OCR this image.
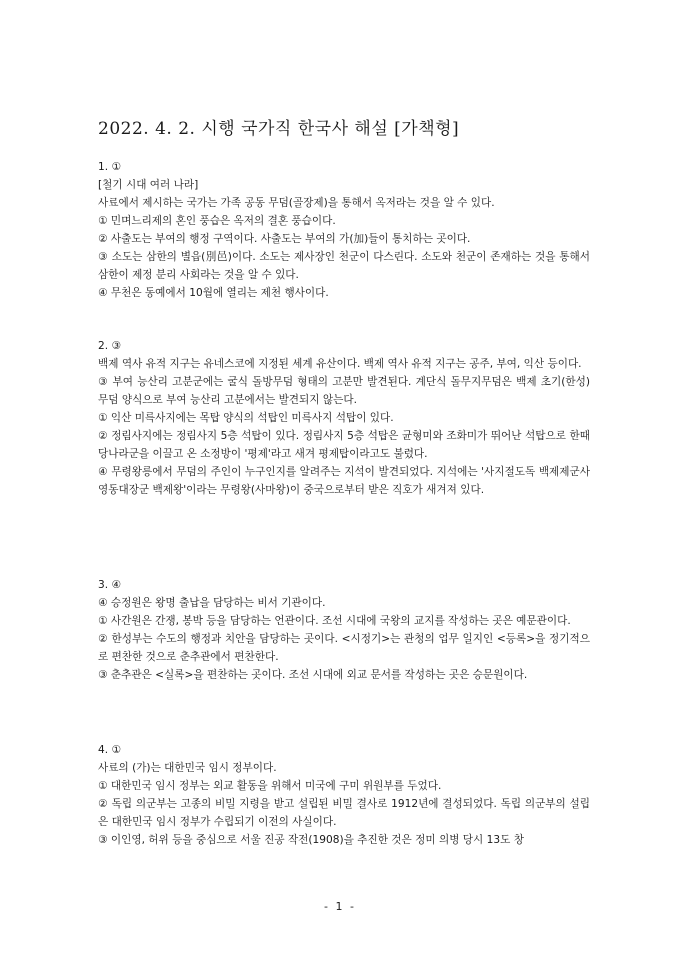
2022. 4. 2. 시행 국가직 한국사 해설 [가책형]

1. ①

[철기 시대 여러 나라]

사료에서 제시하는 국가는 가족 공동 무덤(골장제)을 통해서 옥저라는 것을 알 수 있다.

① 민며느리제의 혼인 풍습은 옥저의 결혼 풍습이다.

② 사출도는 부여의 행정 구역이다. 사출도는 부여의 가(加)들이 통치하는 곳이다.

③ 소도는 삼한의 별읍(別邑)이다. 소도는 제사장인 천군이 다스린다. 소도와 천군이 존재하는 것을 통해서 삼한이 제정 분리 사회라는 것을 알 수 있다.

④ 무천은 동예에서 10월에 열리는 제천 행사이다.

2. ③

백제 역사 유적 지구는 유네스코에 지정된 세계 유산이다. 백제 역사 유적 지구는 공주, 부여, 익산 등이다.

③ 부여 능산리 고분군에는 굴식 돌방무덤 형태의 고분만 발견된다. 계단식 돌무지무덤은 백제 초기(한성) 무덤 양식으로 부여 능산리 고분에서는 발견되지 않는다.

① 익산 미륵사지에는 목탑 양식의 석탑인 미륵사지 석탑이 있다.

② 정림사지에는 정림사지 5층 석탑이 있다. 정림사지 5층 석탑은 균형미와 조화미가 뛰어난 석탑으로 한때 당나라군을 이끌고 온 소정방이 '평제'라고 새겨 평제탑이라고도 불렸다.

④ 무령왕릉에서 무덤의 주인이 누구인지를 알려주는 지석이 발견되었다. 지석에는 '사지절도독 백제제군사 영동대장군 백제왕'이라는 무령왕(사마왕)이 중국으로부터 받은 직호가 새겨져 있다.

3. ④

④ 승정원은 왕명 출납을 담당하는 비서 기관이다.

① 사간원은 간쟁, 봉박 등을 담당하는 언관이다. 조선 시대에 국왕의 교지를 작성하는 곳은 예문관이다.

② 한성부는 수도의 행정과 치안을 담당하는 곳이다. <시정기>는 관청의 업무 일지인 <등록>을 정기적으로 편찬한 것으로 춘추관에서 편찬한다.

③ 춘추관은 <실록>을 편찬하는 곳이다. 조선 시대에 외교 문서를 작성하는 곳은 승문원이다.

4. ①

사료의 (가)는 대한민국 임시 정부이다.

① 대한민국 임시 정부는 외교 활동을 위해서 미국에 구미 위원부를 두었다.

② 독립 의군부는 고종의 비밀 지령을 받고 설립된 비밀 결사로 1912년에 결성되었다. 독립 의군부의 설립은 대한민국 임시 정부가 수립되기 이전의 사실이다.

③ 이인영, 허위 등을 중심으로 서울 진공 작전(1908)을 추진한 것은 정미 의병 당시 13도 창

- 1 -
